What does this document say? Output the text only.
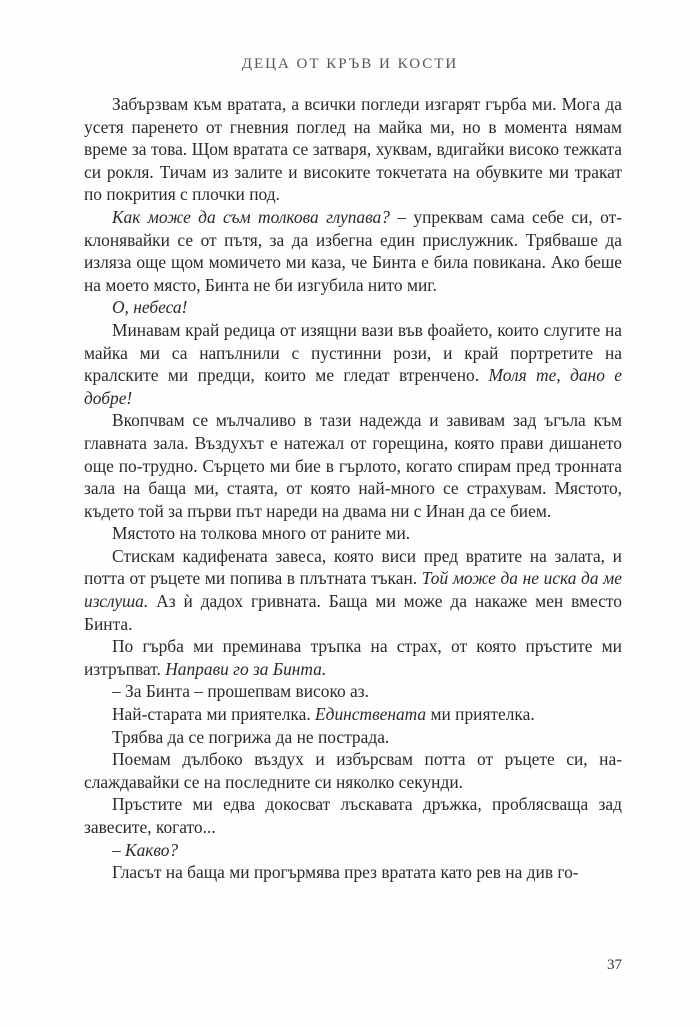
ДЕЦА ОТ КРЪВ И КОСТИ

Забързвам към вратата, а всички погледи изгарят гърба ми. Мога да усетя паренето от гневния поглед на майка ми, но в момента нямам време за това. Щом вратата се затваря, хуквам, вдигайки високо тежката си рокля. Тичам из залите и високите токчетата на обувките ми тракат по покрития с плочки под.

Как може да съм толкова глупава? – упреквам сама себе си, отклонявайки се от пътя, за да избегна един прислужник. Трябваше да изляза още щом момичето ми каза, че Бинта е била повикана. Ако беше на моето място, Бинта не би изгубила нито миг.

О, небеса!

Минавам край редица от изящни вази във фоайето, които слугите на майка ми са напълнили с пустинни рози, и край портретите на кралските ми предци, които ме гледат втренчено. Моля те, дано е добре!

Вкопчвам се мълчаливо в тази надежда и завивам зад ъгъла към главната зала. Въздухът е натежал от горещина, която прави дишането още по-трудно. Сърцето ми бие в гърлото, когато спирам пред тронната зала на баща ми, стаята, от която най-много се страхувам. Мястото, където той за първи път нареди на двама ни с Инан да се бием.

Мястото на толкова много от раните ми.

Стискам кадифената завеса, която виси пред вратите на залата, и потта от ръцете ми попива в плътната тъкан. Той може да не иска да ме изслуша. Аз ѝ дадох гривната. Баща ми може да накаже мен вместо Бинта.

По гърба ми преминава тръпка на страх, от която пръстите ми изтръпват. Направи го за Бинта.

– За Бинта – прошепвам високо аз.

Най-старата ми приятелка. Единствената ми приятелка.

Трябва да се погрижа да не пострада.

Поемам дълбоко въздух и избърсвам потта от ръцете си, наслаждавайки се на последните си няколко секунди.

Пръстите ми едва докосват лъскавата дръжка, проблясваща зад завесите, когато...

– Какво?

Гласът на баща ми прогърмява през вратата като рев на див го-

37
